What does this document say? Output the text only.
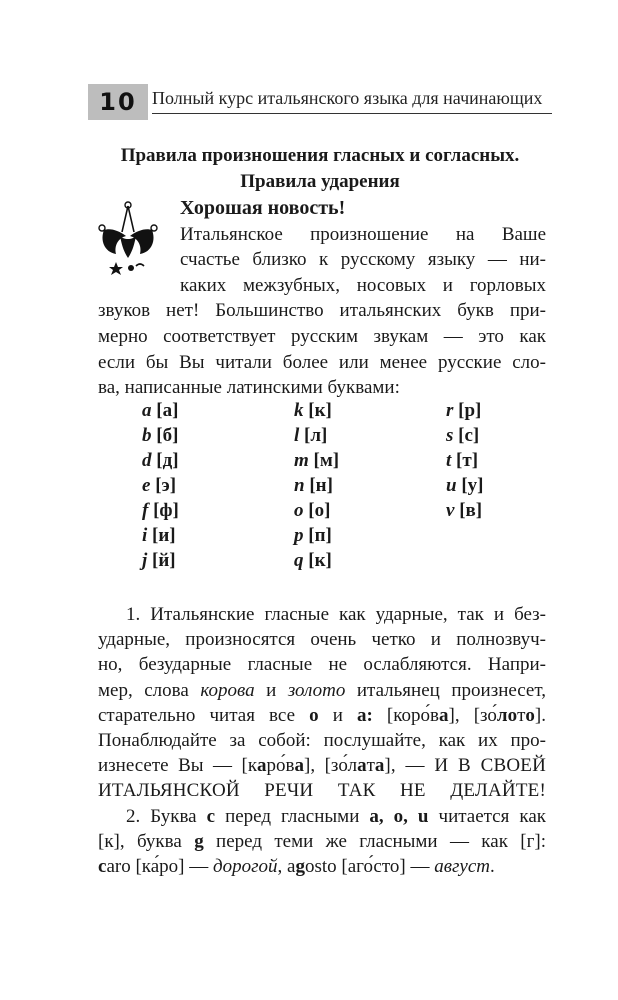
10 Полный курс итальянского языка для начинающих
Правила произношения гласных и согласных.
Правила ударения
Хорошая новость!
Итальянское произношение на Ваше
счастье близко к русскому языку — ни-
каких межзубных, носовых и горловых
звуков нет! Большинство итальянских букв при-
мерно соответствует русским звукам — это как
если бы Вы читали более или менее русские сло-
ва, написанные латинскими буквами:
a [а]
b [б]
d [д]
e [э]
f [ф]
i [и]
j [й]
k [к]
l [л]
m [м]
n [н]
o [о]
p [п]
q [к]
r [р]
s [с]
t [т]
u [у]
v [в]
1. Итальянские гласные как ударные, так и без-
ударные, произносятся очень четко и полнозвуч-
но, безударные гласные не ослабляются. Напри-
мер, слова корова и золото итальянец произнесет,
старательно читая все о и а: [коро́ва], [зо́лото].
Понаблюдайте за собой: послушайте, как их про-
изнесете Вы — [каро́ва], [зо́лата], — И В СВОЕЙ
ИТАЛЬЯНСКОЙ РЕЧИ ТАК НЕ ДЕЛАЙТЕ!
2. Буква с перед гласными a, o, u читается как
[к], буква g перед теми же гласными — как [г]:
caro [ка́ро] — дорогой, agosto [аго́сто] — август.
